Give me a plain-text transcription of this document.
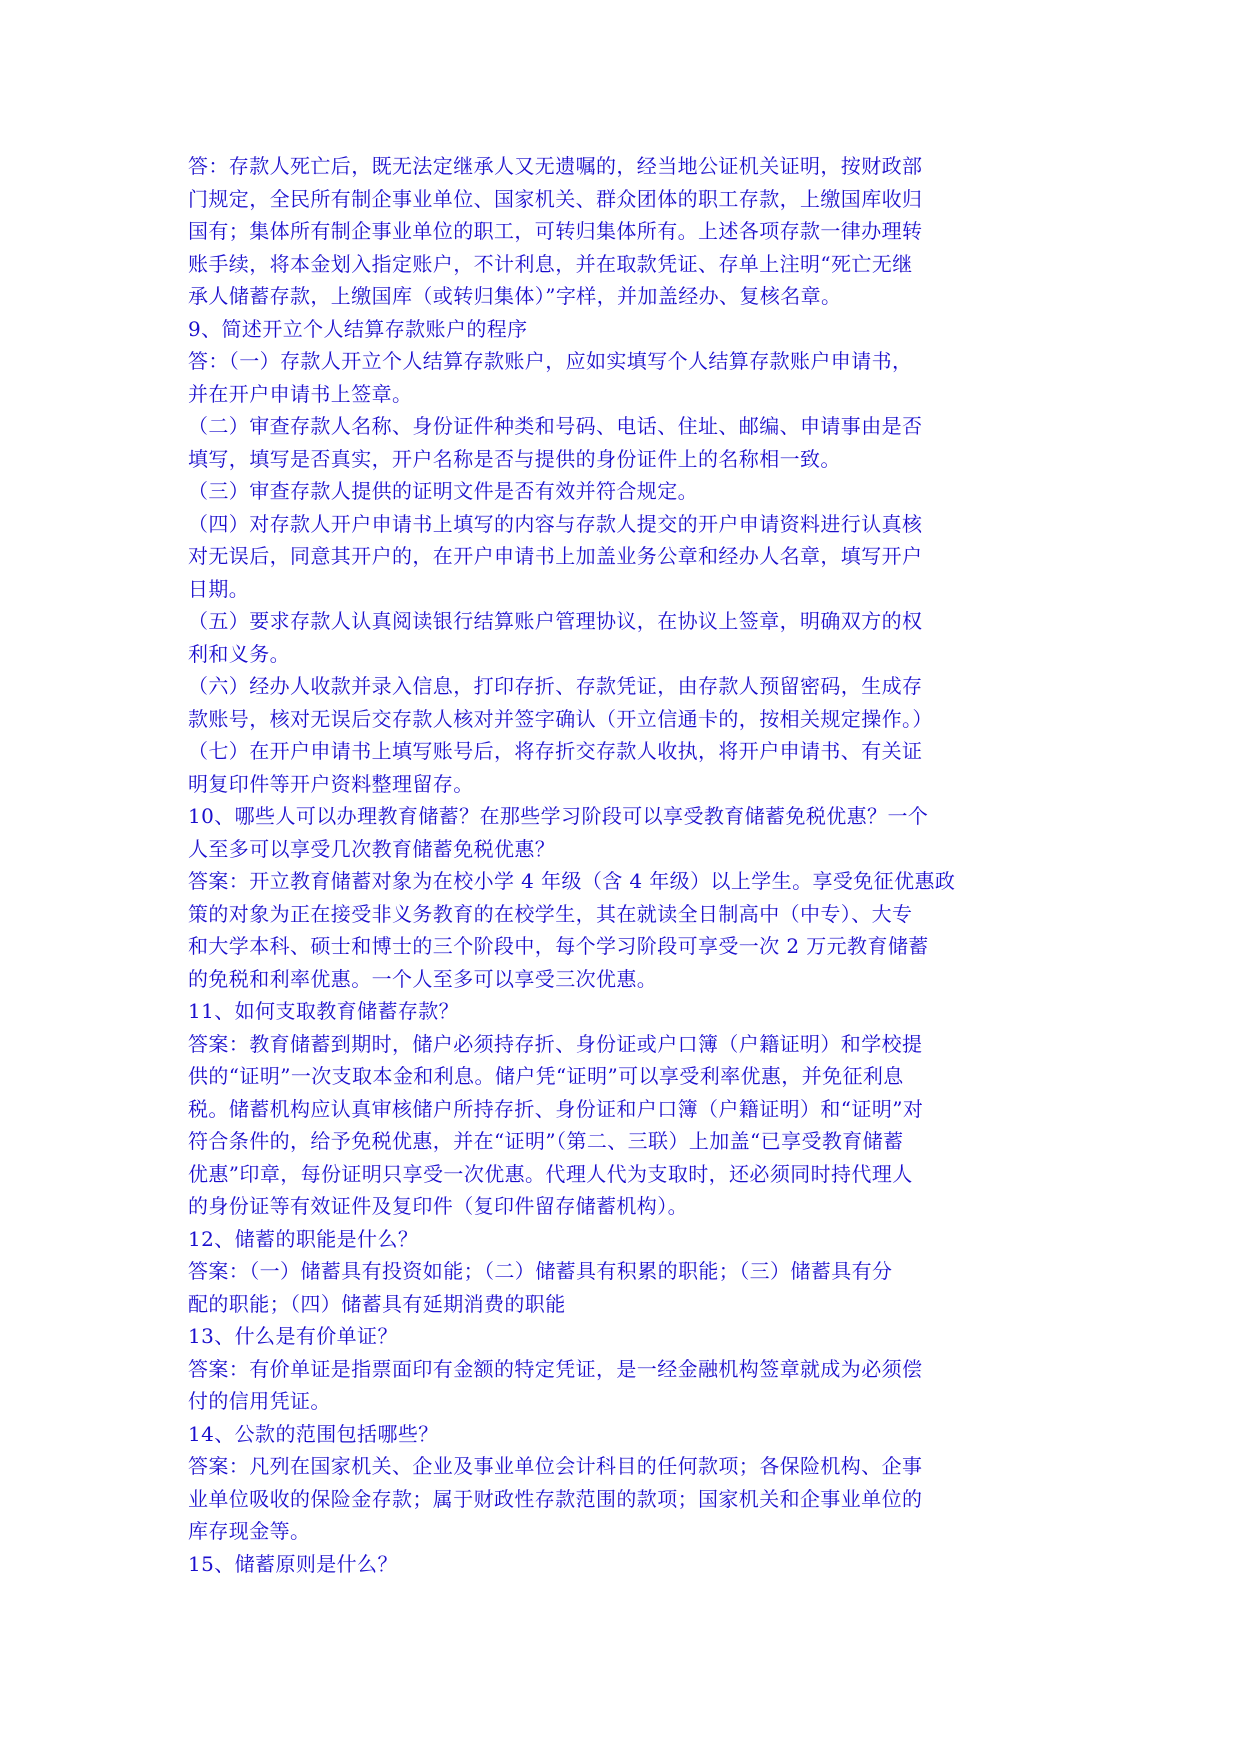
答：存款人死亡后，既无法定继承人又无遗嘱的，经当地公证机关证明，按财政部
门规定，全民所有制企事业单位、国家机关、群众团体的职工存款，上缴国库收归
国有；集体所有制企事业单位的职工，可转归集体所有。上述各项存款一律办理转
账手续，将本金划入指定账户，不计利息，并在取款凭证、存单上注明“死亡无继
承人储蓄存款，上缴国库（或转归集体）”字样，并加盖经办、复核名章。
9、简述开立个人结算存款账户的程序
答：（一）存款人开立个人结算存款账户，应如实填写个人结算存款账户申请书，
并在开户申请书上签章。
（二）审查存款人名称、身份证件种类和号码、电话、住址、邮编、申请事由是否
填写，填写是否真实，开户名称是否与提供的身份证件上的名称相一致。
（三）审查存款人提供的证明文件是否有效并符合规定。
（四）对存款人开户申请书上填写的内容与存款人提交的开户申请资料进行认真核
对无误后，同意其开户的，在开户申请书上加盖业务公章和经办人名章，填写开户
日期。
（五）要求存款人认真阅读银行结算账户管理协议，在协议上签章，明确双方的权
利和义务。
（六）经办人收款并录入信息，打印存折、存款凭证，由存款人预留密码，生成存
款账号，核对无误后交存款人核对并签字确认（开立信通卡的，按相关规定操作。）
（七）在开户申请书上填写账号后，将存折交存款人收执，将开户申请书、有关证
明复印件等开户资料整理留存。
10、哪些人可以办理教育储蓄？在那些学习阶段可以享受教育储蓄免税优惠？一个
人至多可以享受几次教育储蓄免税优惠？
答案：开立教育储蓄对象为在校小学 4 年级（含 4 年级）以上学生。享受免征优惠政
策的对象为正在接受非义务教育的在校学生，其在就读全日制高中（中专）、大专
和大学本科、硕士和博士的三个阶段中，每个学习阶段可享受一次 2 万元教育储蓄
的免税和利率优惠。一个人至多可以享受三次优惠。
11、如何支取教育储蓄存款？
答案：教育储蓄到期时，储户必须持存折、身份证或户口簿（户籍证明）和学校提
供的“证明”一次支取本金和利息。储户凭“证明”可以享受利率优惠，并免征利息
税。储蓄机构应认真审核储户所持存折、身份证和户口簿（户籍证明）和“证明”对
符合条件的，给予免税优惠，并在“证明”（第二、三联）上加盖“已享受教育储蓄
优惠”印章，每份证明只享受一次优惠。代理人代为支取时，还必须同时持代理人
的身份证等有效证件及复印件（复印件留存储蓄机构）。
12、储蓄的职能是什么？
答案：（一）储蓄具有投资如能；（二）储蓄具有积累的职能；（三）储蓄具有分
配的职能；（四）储蓄具有延期消费的职能
13、什么是有价单证？
答案：有价单证是指票面印有金额的特定凭证，是一经金融机构签章就成为必须偿
付的信用凭证。
14、公款的范围包括哪些？
答案：凡列在国家机关、企业及事业单位会计科目的任何款项；各保险机构、企事
业单位吸收的保险金存款；属于财政性存款范围的款项；国家机关和企事业单位的
库存现金等。
15、储蓄原则是什么？
